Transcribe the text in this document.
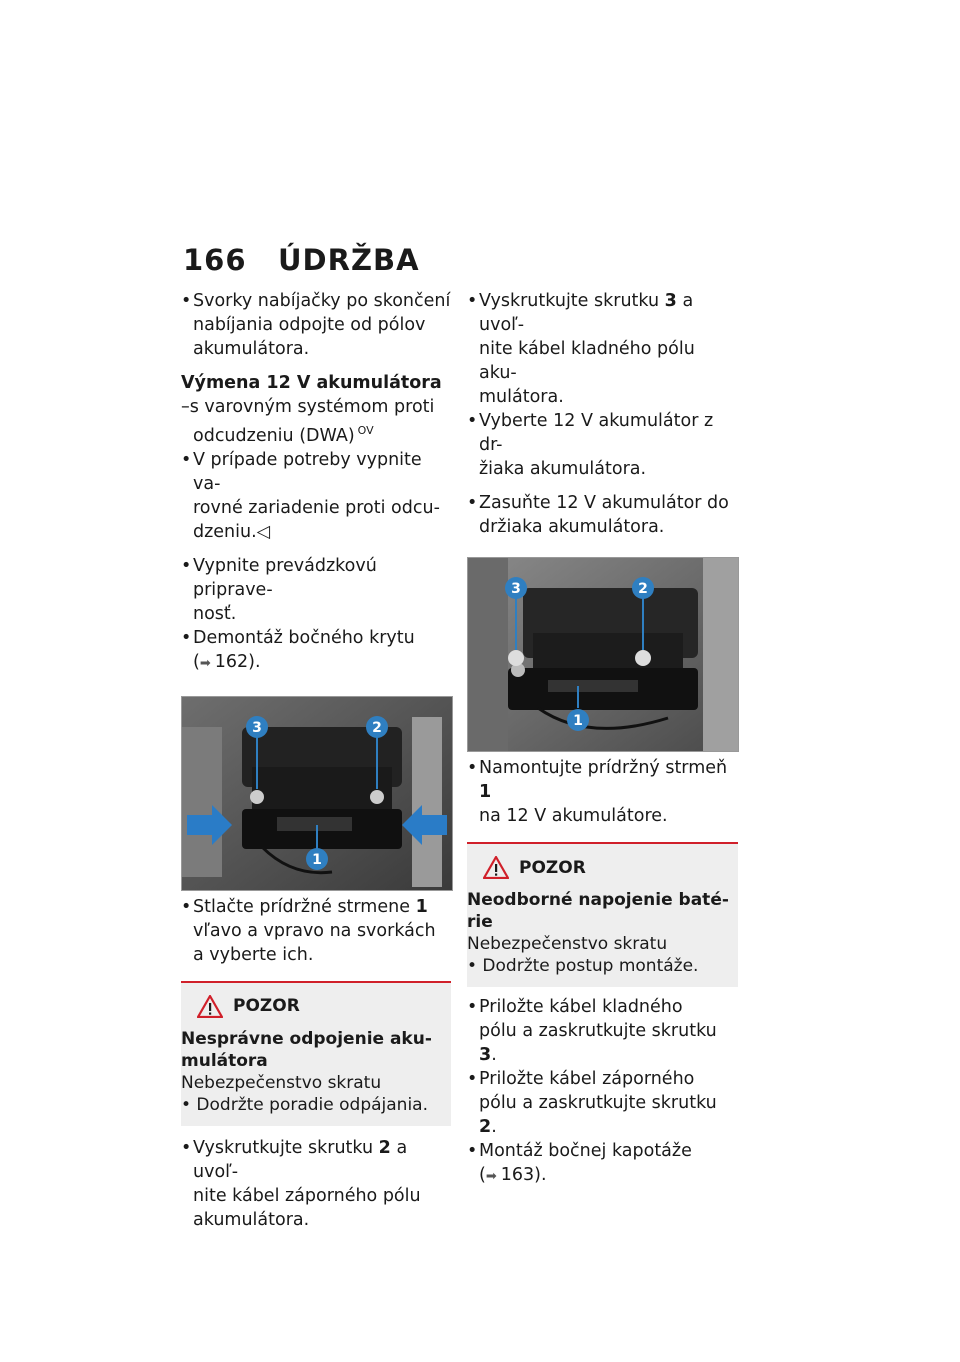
166 ÚDRŽBA
• Svorky nabíjačky po skončení
nabíjania odpojte od pólov
akumulátora.
Výmena 12 V akumulátora
–s varovným systémom proti
odcudzeniu (DWA) $^{OV}$
• V prípade potreby vypnite va-
rovné zariadenie proti odcu-
dzeniu.◁
• Vypnite prevádzkovú priprave-
nosť.
• Demontáž bočného krytu
(➡ 162).
3	2
1
• Stlačte prídržné strmene 1
vľavo a vpravo na svorkách
a vyberte ich.
POZOR
Nesprávne odpojenie aku-
mulátora
Nebezpečenstvo skratu
• Dodržte poradie odpájania.
• Vyskrutkujte skrutku 2 a uvoľ-
nite kábel záporného pólu
akumulátora.
• Vyskrutkujte skrutku 3 a uvoľ-
nite kábel kladného pólu aku-
mulátora.
• Vyberte 12 V akumulátor z dr-
žiaka akumulátora.
• Zasuňte 12 V akumulátor do
držiaka akumulátora.
3	2
1
• Namontujte prídržný strmeň 1
na 12 V akumulátore.
POZOR
Neodborné napojenie baté-
rie
Nebezpečenstvo skratu
• Dodržte postup montáže.
• Priložte kábel kladného
pólu a zaskrutkujte skrutku 3.
• Priložte kábel záporného
pólu a zaskrutkujte skrutku 2.
• Montáž bočnej kapotáže
(➡ 163).
